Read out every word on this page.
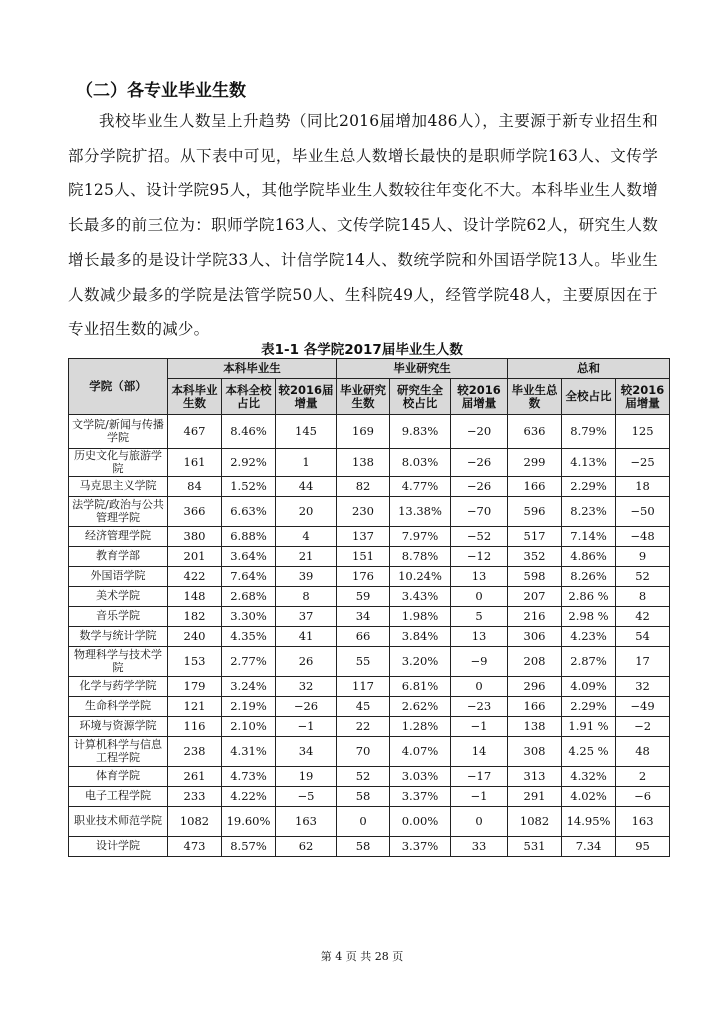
（二）各专业毕业生数

我校毕业生人数呈上升趋势（同比2016届增加486人），主要源于新专业招生和部分学院扩招。从下表中可见，毕业生总人数增长最快的是职师学院163人、文传学院125人、设计学院95人，其他学院毕业生人数较往年变化不大。本科毕业生人数增长最多的前三位为：职师学院163人、文传学院145人、设计学院62人，研究生人数增长最多的是设计学院33人、计信学院14人、数统学院和外国语学院13人。毕业生人数减少最多的学院是法管学院50人、生科院49人，经管学院48人，主要原因在于专业招生数的减少。

表1-1 各学院2017届毕业生人数
学院（部）	本科毕业生			毕业研究生			总和		
	本科毕业生数	本科全校占比	较2016届增量	毕业研究生数	研究生全校占比	较2016届增量	毕业生总数	全校占比	较2016届增量
文学院/新闻与传播学院	467	8.46%	145	169	9.83%	−20	636	8.79%	125
历史文化与旅游学院	161	2.92%	1	138	8.03%	−26	299	4.13%	−25
马克思主义学院	84	1.52%	44	82	4.77%	−26	166	2.29%	18
法学院/政治与公共管理学院	366	6.63%	20	230	13.38%	−70	596	8.23%	−50
经济管理学院	380	6.88%	4	137	7.97%	−52	517	7.14%	−48
教育学部	201	3.64%	21	151	8.78%	−12	352	4.86%	9
外国语学院	422	7.64%	39	176	10.24%	13	598	8.26%	52
美术学院	148	2.68%	8	59	3.43%	0	207	2.86 %	8
音乐学院	182	3.30%	37	34	1.98%	5	216	2.98 %	42
数学与统计学院	240	4.35%	41	66	3.84%	13	306	4.23%	54
物理科学与技术学院	153	2.77%	26	55	3.20%	−9	208	2.87%	17
化学与药学学院	179	3.24%	32	117	6.81%	0	296	4.09%	32
生命科学学院	121	2.19%	−26	45	2.62%	−23	166	2.29%	−49
环境与资源学院	116	2.10%	−1	22	1.28%	−1	138	1.91 %	−2
计算机科学与信息工程学院	238	4.31%	34	70	4.07%	14	308	4.25 %	48
体育学院	261	4.73%	19	52	3.03%	−17	313	4.32%	2
电子工程学院	233	4.22%	−5	58	3.37%	−1	291	4.02%	−6
职业技术师范学院	1082	19.60%	163	0	0.00%	0	1082	14.95%	163
设计学院	473	8.57%	62	58	3.37%	33	531	7.34	95
第 4 页 共 28 页
